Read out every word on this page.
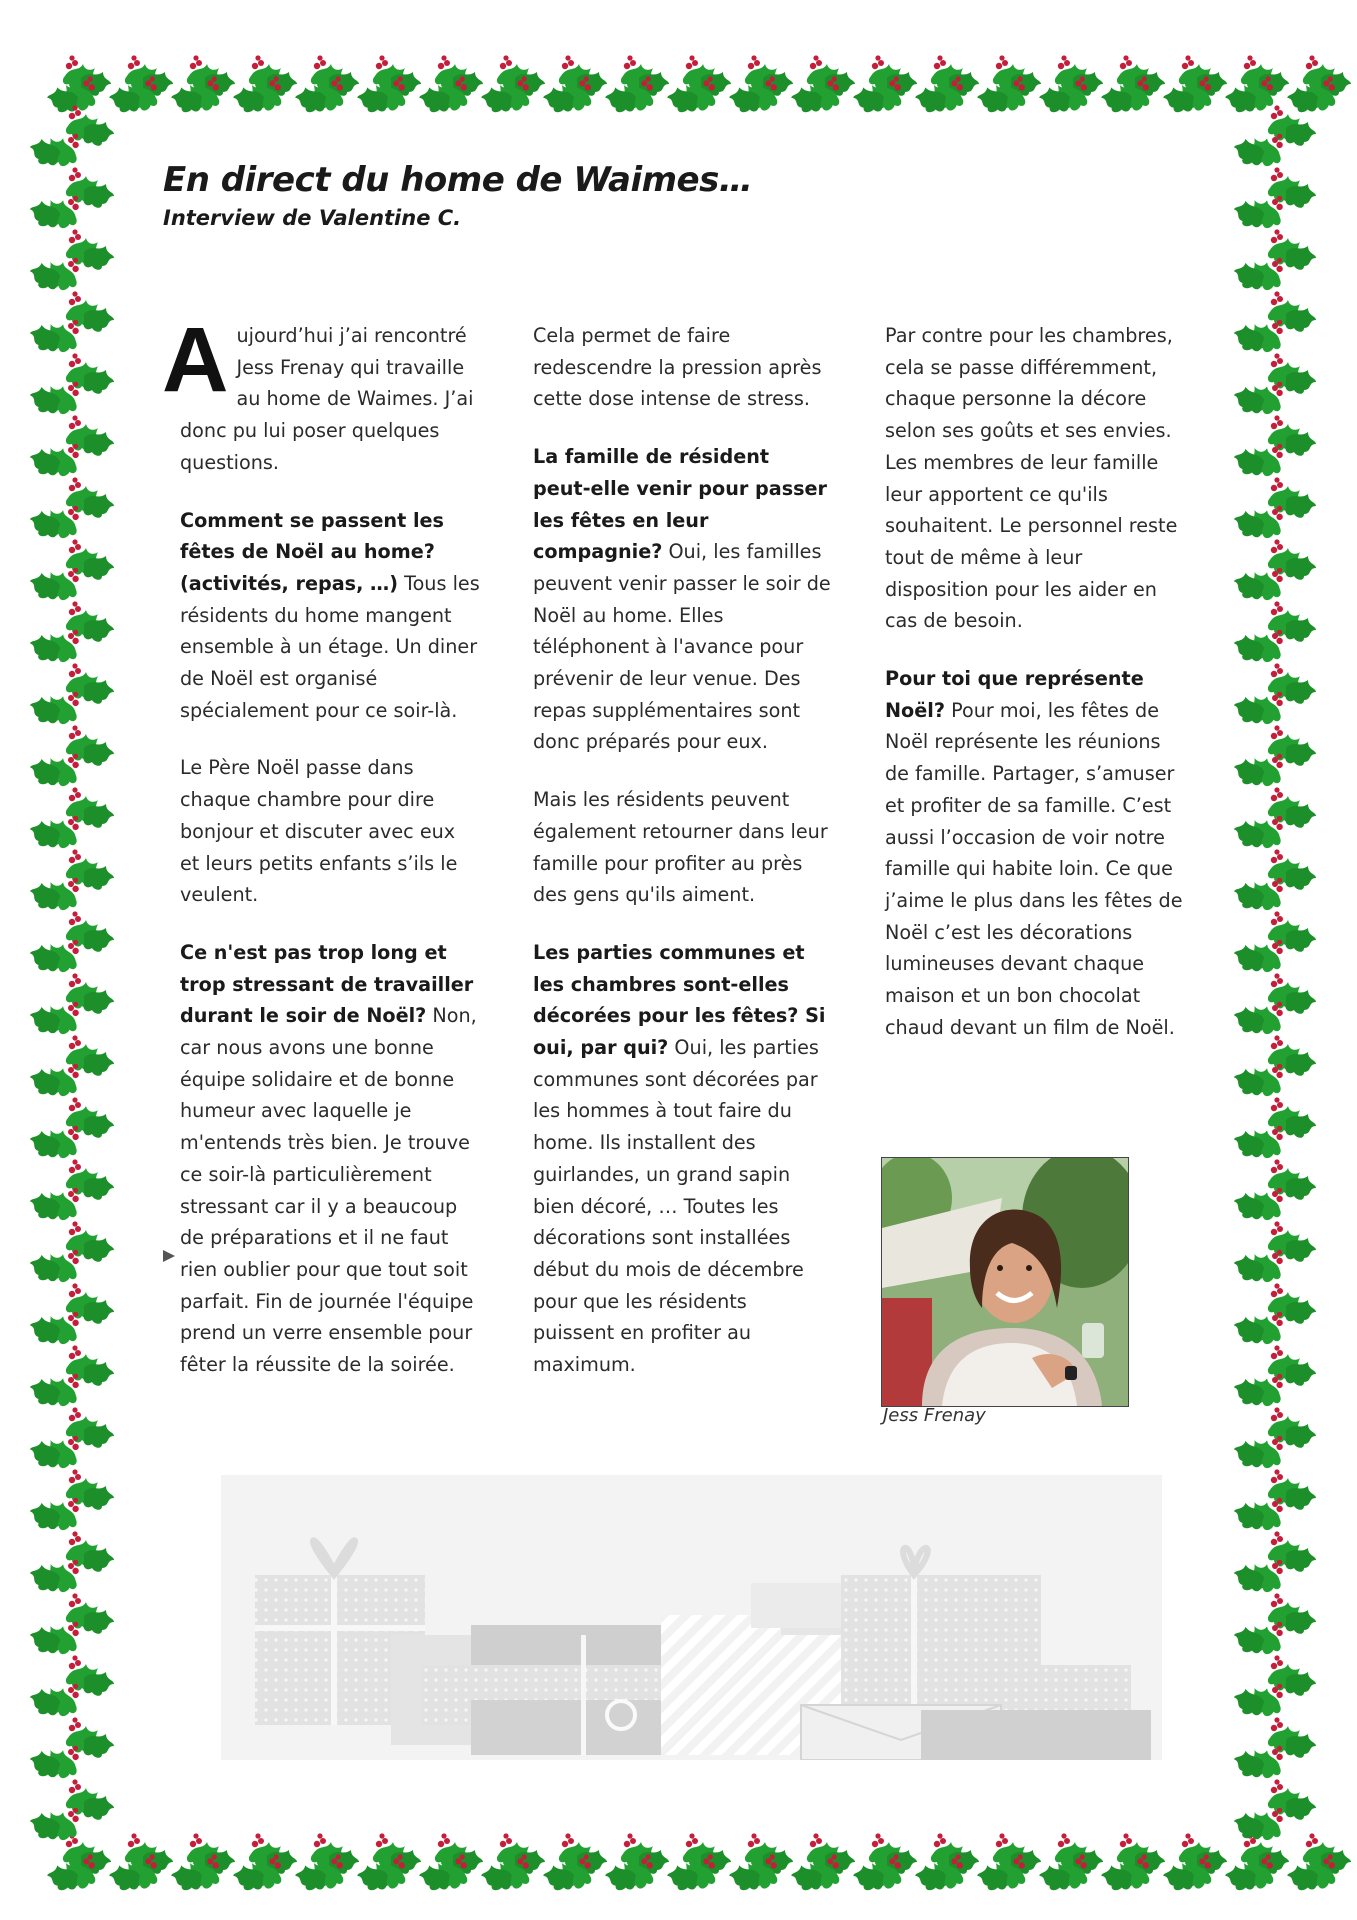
En direct du home de Waimes…
Interview de Valentine C.

Aujourd’hui j’ai rencontré Jess Frenay qui travaille au home de Waimes. J’ai donc pu lui poser quelques questions.

Comment se passent les fêtes de Noël au home? (activités, repas, …) Tous les résidents du home mangent ensemble à un étage. Un diner de Noël est organisé spécialement pour ce soir-là.

Le Père Noël passe dans chaque chambre pour dire bonjour et discuter avec eux et leurs petits enfants s’ils le veulent.

Ce n'est pas trop long et trop stressant de travailler durant le soir de Noël? Non, car nous avons une bonne équipe solidaire et de bonne humeur avec laquelle je m'entends très bien. Je trouve ce soir-là particulièrement stressant car il y a beaucoup de préparations et il ne faut rien oublier pour que tout soit parfait. Fin de journée l'équipe prend un verre ensemble pour fêter la réussite de la soirée.

Cela permet de faire redescendre la pression après cette dose intense de stress.

La famille de résident peut-elle venir pour passer les fêtes en leur compagnie? Oui, les familles peuvent venir passer le soir de Noël au home. Elles téléphonent à l'avance pour prévenir de leur venue. Des repas supplémentaires sont donc préparés pour eux.

Mais les résidents peuvent également retourner dans leur famille pour profiter au près des gens qu'ils aiment.

Les parties communes et les chambres sont-elles décorées pour les fêtes? Si oui, par qui? Oui, les parties communes sont décorées par les hommes à tout faire du home. Ils installent des guirlandes, un grand sapin bien décoré, … Toutes les décorations sont installées début du mois de décembre pour que les résidents puissent en profiter au maximum.

Par contre pour les chambres, cela se passe différemment, chaque personne la décore selon ses goûts et ses envies. Les membres de leur famille leur apportent ce qu'ils souhaitent. Le personnel reste tout de même à leur disposition pour les aider en cas de besoin.

Pour toi que représente Noël? Pour moi, les fêtes de Noël représente les réunions de famille. Partager, s’amuser et profiter de sa famille. C’est aussi l’occasion de voir notre famille qui habite loin. Ce que j’aime le plus dans les fêtes de Noël c’est les décorations lumineuses devant chaque maison et un bon chocolat chaud devant un film de Noël.

Jess Frenay
